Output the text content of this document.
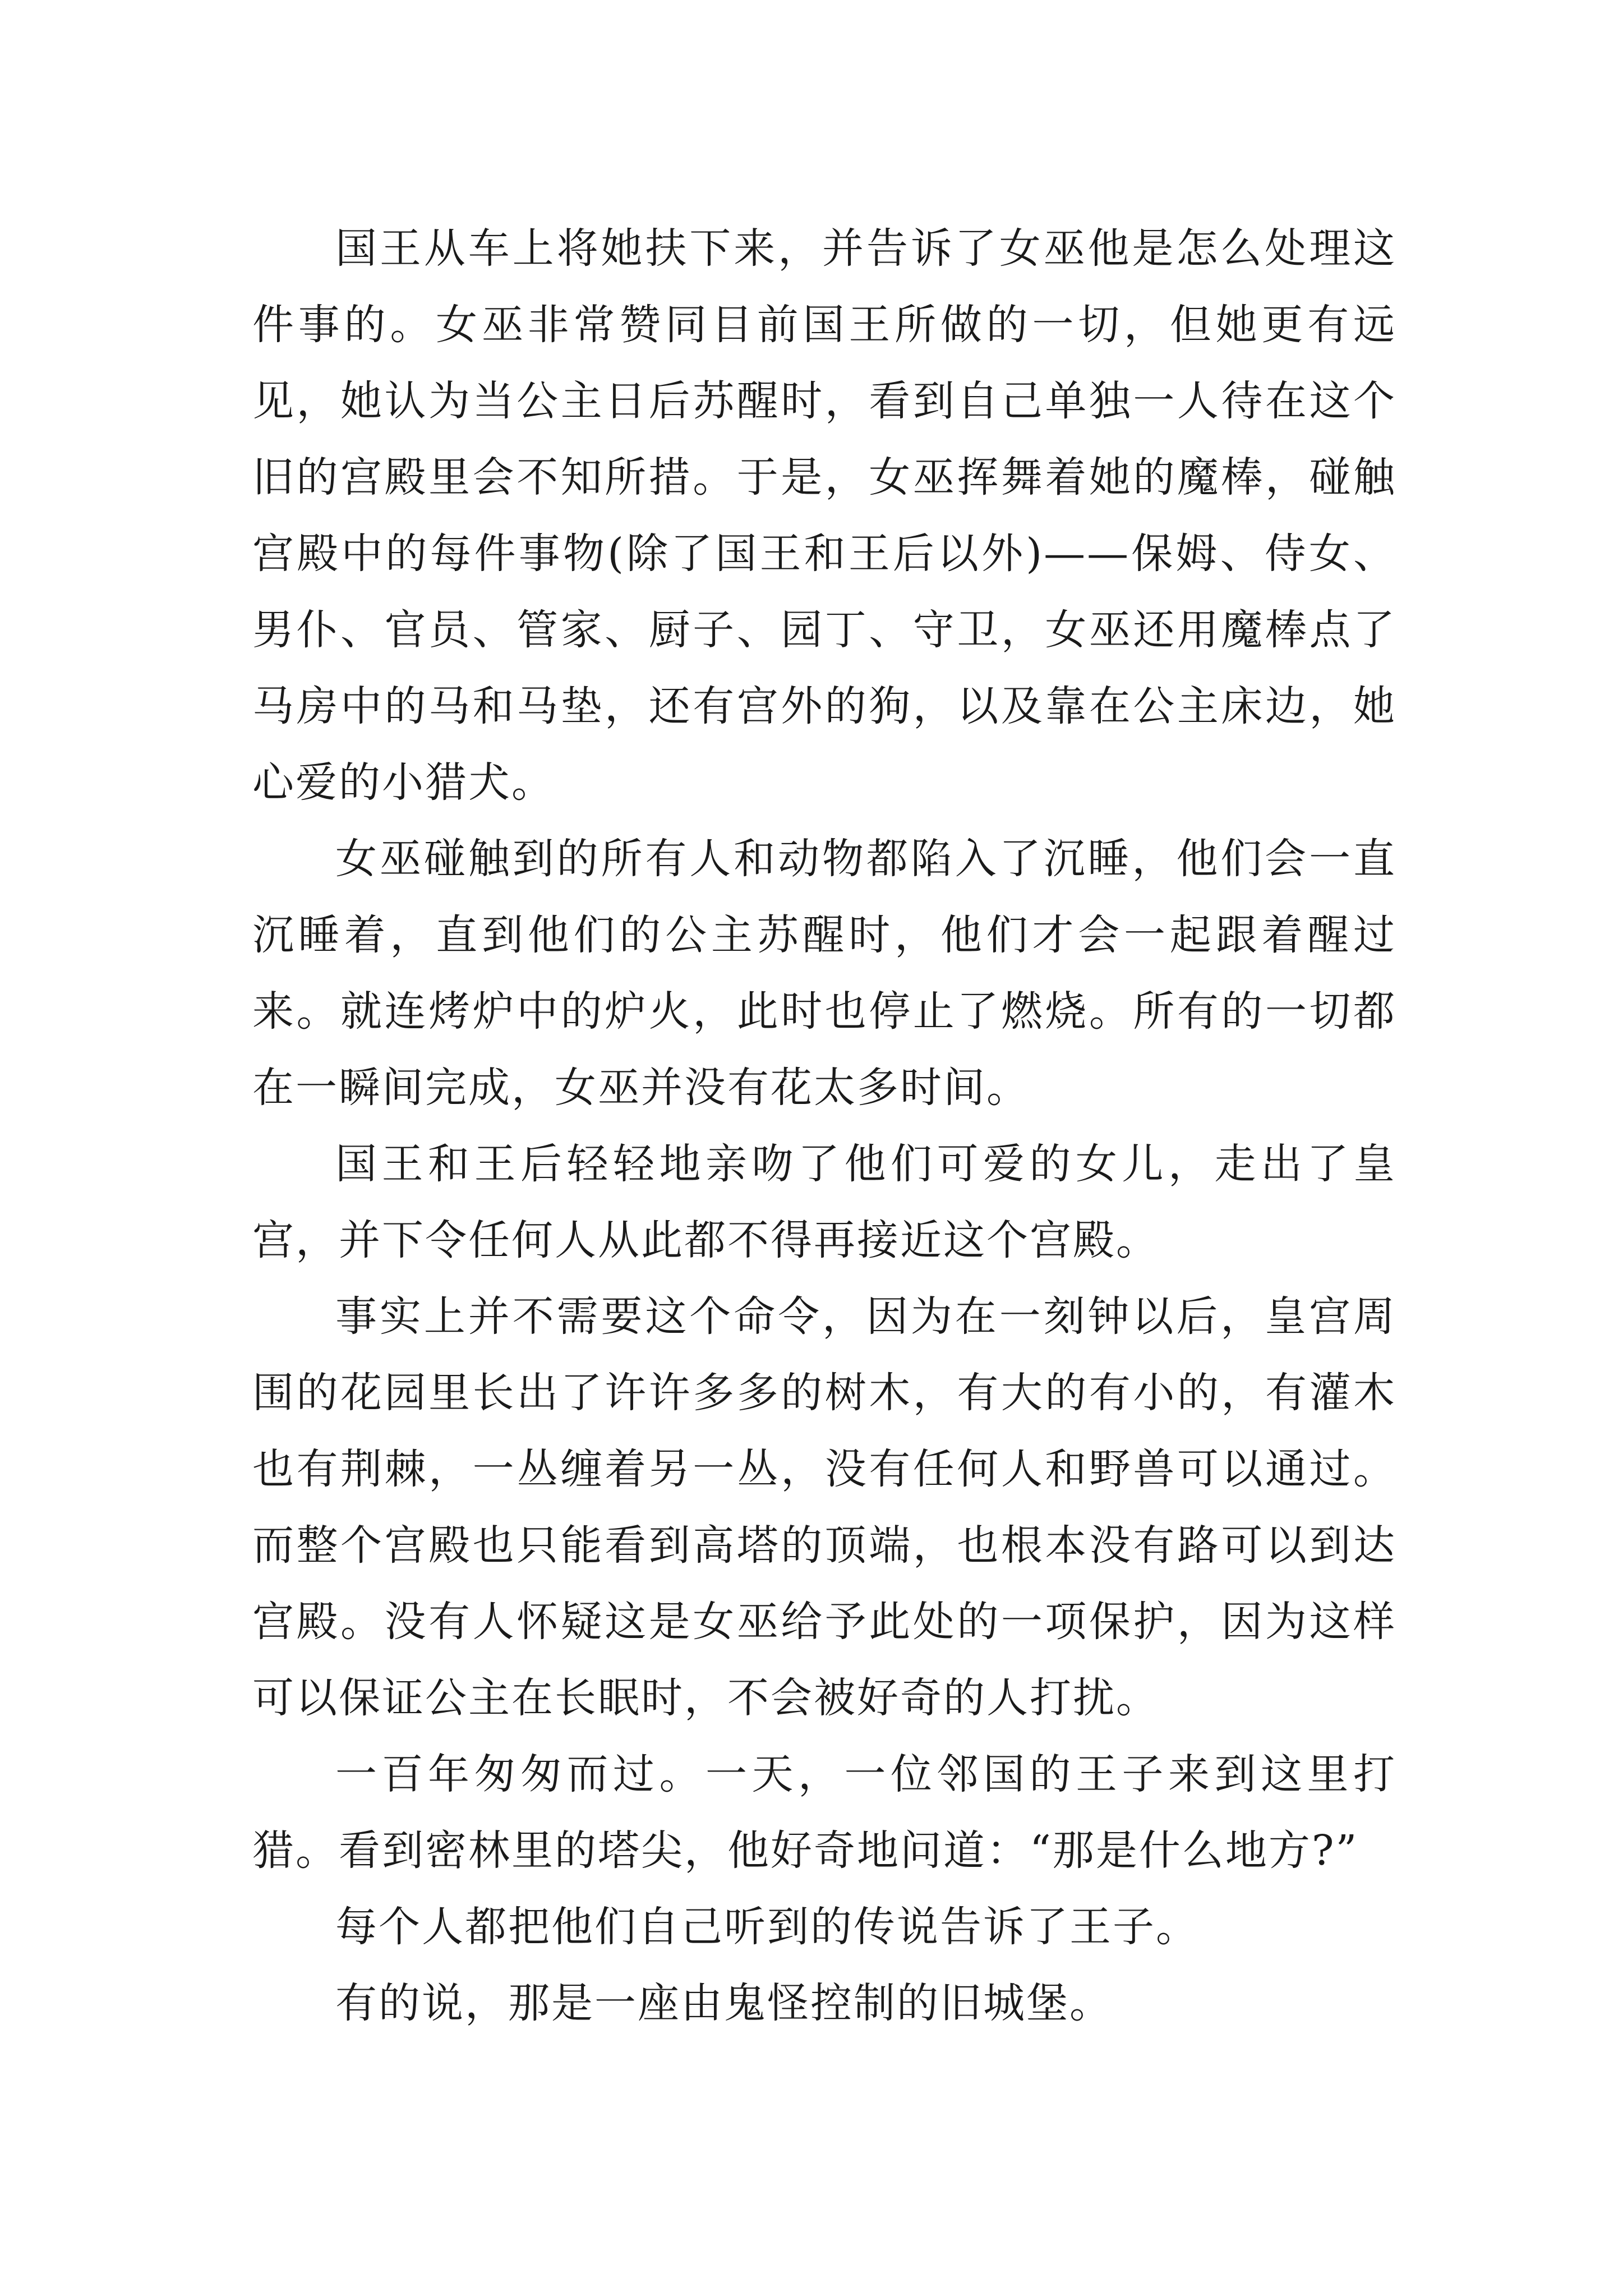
国王从车上将她扶下来，并告诉了女巫他是怎么处理这件事的。女巫非常赞同目前国王所做的一切，但她更有远见，她认为当公主日后苏醒时，看到自己单独一人待在这个旧的宫殿里会不知所措。于是，女巫挥舞着她的魔棒，碰触宫殿中的每件事物(除了国王和王后以外)——保姆、侍女、男仆、官员、管家、厨子、园丁、守卫，女巫还用魔棒点了马房中的马和马垫，还有宫外的狗，以及靠在公主床边，她心爱的小猎犬。

女巫碰触到的所有人和动物都陷入了沉睡，他们会一直沉睡着，直到他们的公主苏醒时，他们才会一起跟着醒过来。就连烤炉中的炉火，此时也停止了燃烧。所有的一切都在一瞬间完成，女巫并没有花太多时间。

国王和王后轻轻地亲吻了他们可爱的女儿，走出了皇宫，并下令任何人从此都不得再接近这个宫殿。

事实上并不需要这个命令，因为在一刻钟以后，皇宫周围的花园里长出了许许多多的树木，有大的有小的，有灌木也有荆棘，一丛缠着另一丛，没有任何人和野兽可以通过。而整个宫殿也只能看到高塔的顶端，也根本没有路可以到达宫殿。没有人怀疑这是女巫给予此处的一项保护，因为这样可以保证公主在长眠时，不会被好奇的人打扰。

一百年匆匆而过。一天，一位邻国的王子来到这里打猎。看到密林里的塔尖，他好奇地问道：“那是什么地方?”

每个人都把他们自己听到的传说告诉了王子。

有的说，那是一座由鬼怪控制的旧城堡。
